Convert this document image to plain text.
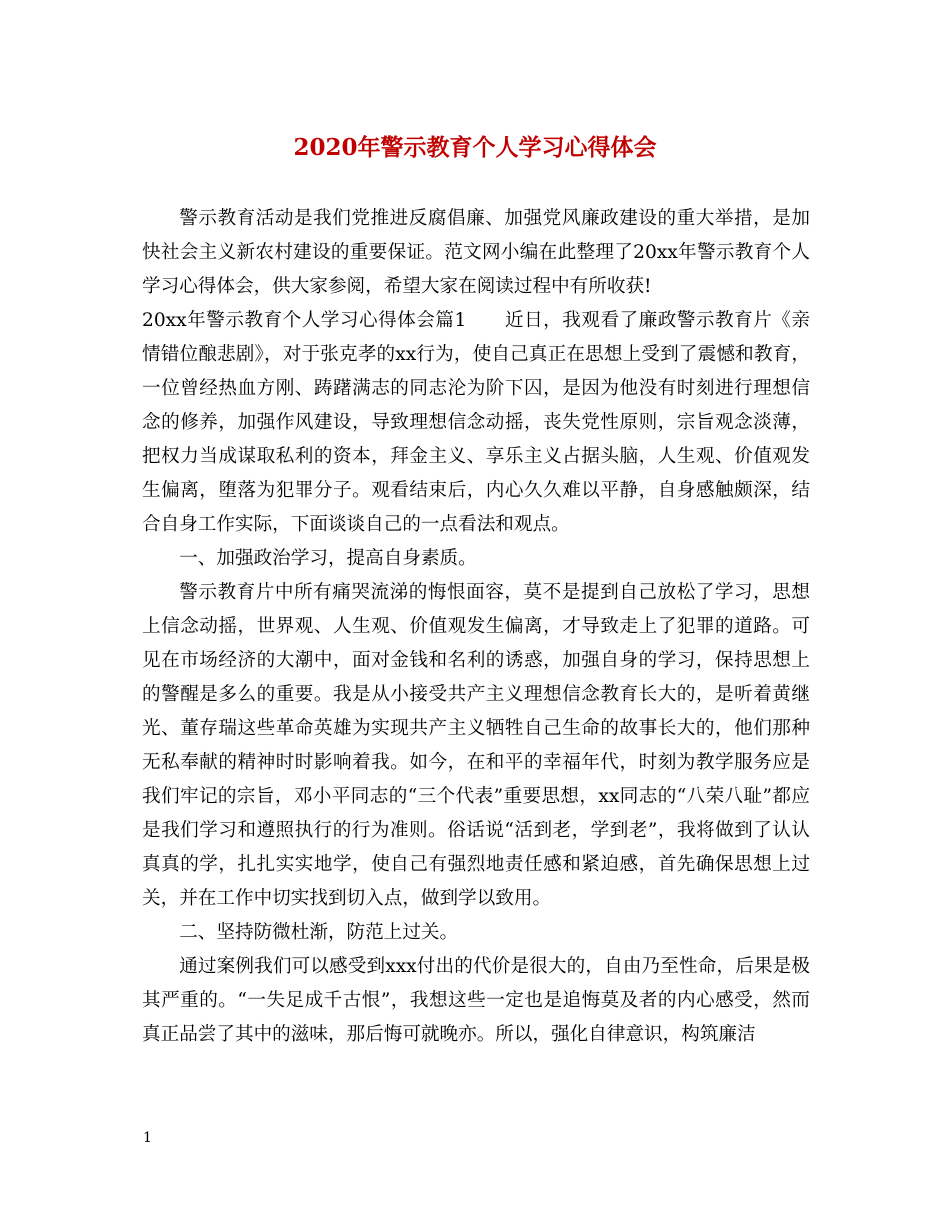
2020年警示教育个人学习心得体会

警示教育活动是我们党推进反腐倡廉、加强党风廉政建设的重大举措，是加快社会主义新农村建设的重要保证。范文网小编在此整理了20xx年警示教育个人学习心得体会，供大家参阅，希望大家在阅读过程中有所收获!

20xx年警示教育个人学习心得体会篇1　　近日，我观看了廉政警示教育片《亲情错位酿悲剧》，对于张克孝的xx行为，使自己真正在思想上受到了震憾和教育，一位曾经热血方刚、踌躇满志的同志沦为阶下囚，是因为他没有时刻进行理想信念的修养，加强作风建设，导致理想信念动摇，丧失党性原则，宗旨观念淡薄，把权力当成谋取私利的资本，拜金主义、享乐主义占据头脑，人生观、价值观发生偏离，堕落为犯罪分子。观看结束后，内心久久难以平静，自身感触颇深，结合自身工作实际，下面谈谈自己的一点看法和观点。

一、加强政治学习，提高自身素质。

警示教育片中所有痛哭流涕的悔恨面容，莫不是提到自己放松了学习，思想上信念动摇，世界观、人生观、价值观发生偏离，才导致走上了犯罪的道路。可见在市场经济的大潮中，面对金钱和名利的诱惑，加强自身的学习，保持思想上的警醒是多么的重要。我是从小接受共产主义理想信念教育长大的，是听着黄继光、董存瑞这些革命英雄为实现共产主义牺牲自己生命的故事长大的，他们那种无私奉献的精神时时影响着我。如今，在和平的幸福年代，时刻为教学服务应是我们牢记的宗旨，邓小平同志的“三个代表”重要思想，xx同志的“八荣八耻”都应是我们学习和遵照执行的行为准则。俗话说“活到老，学到老”，我将做到了认认真真的学，扎扎实实地学，使自己有强烈地责任感和紧迫感，首先确保思想上过关，并在工作中切实找到切入点，做到学以致用。

二、坚持防微杜渐，防范上过关。

通过案例我们可以感受到xxx付出的代价是很大的，自由乃至性命，后果是极其严重的。“一失足成千古恨”，我想这些一定也是追悔莫及者的内心感受，然而真正品尝了其中的滋味，那后悔可就晚亦。所以，强化自律意识，构筑廉洁

1
